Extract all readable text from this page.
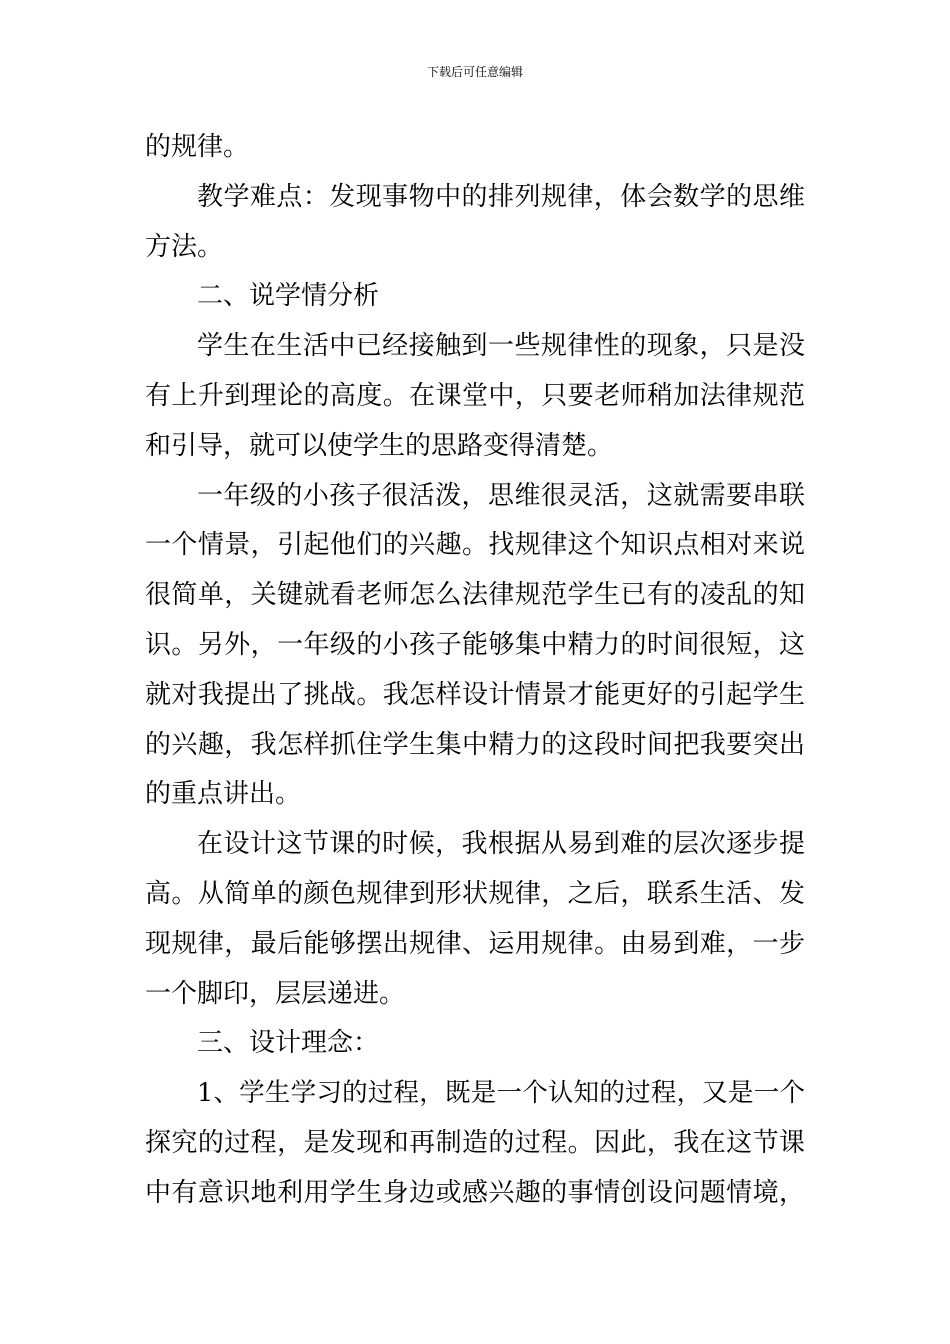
下载后可任意编辑
的规律。
教学难点：发现事物中的排列规律，体会数学的思维
方法。
二、说学情分析
学生在生活中已经接触到一些规律性的现象，只是没
有上升到理论的高度。在课堂中，只要老师稍加法律规范
和引导，就可以使学生的思路变得清楚。
一年级的小孩子很活泼，思维很灵活，这就需要串联
一个情景，引起他们的兴趣。找规律这个知识点相对来说
很简单，关键就看老师怎么法律规范学生已有的凌乱的知
识。另外，一年级的小孩子能够集中精力的时间很短，这
就对我提出了挑战。我怎样设计情景才能更好的引起学生
的兴趣，我怎样抓住学生集中精力的这段时间把我要突出
的重点讲出。
在设计这节课的时候，我根据从易到难的层次逐步提
高。从简单的颜色规律到形状规律，之后，联系生活、发
现规律，最后能够摆出规律、运用规律。由易到难，一步
一个脚印，层层递进。
三、设计理念：
1、学生学习的过程，既是一个认知的过程，又是一个
探究的过程，是发现和再制造的过程。因此，我在这节课
中有意识地利用学生身边或感兴趣的事情创设问题情境，
